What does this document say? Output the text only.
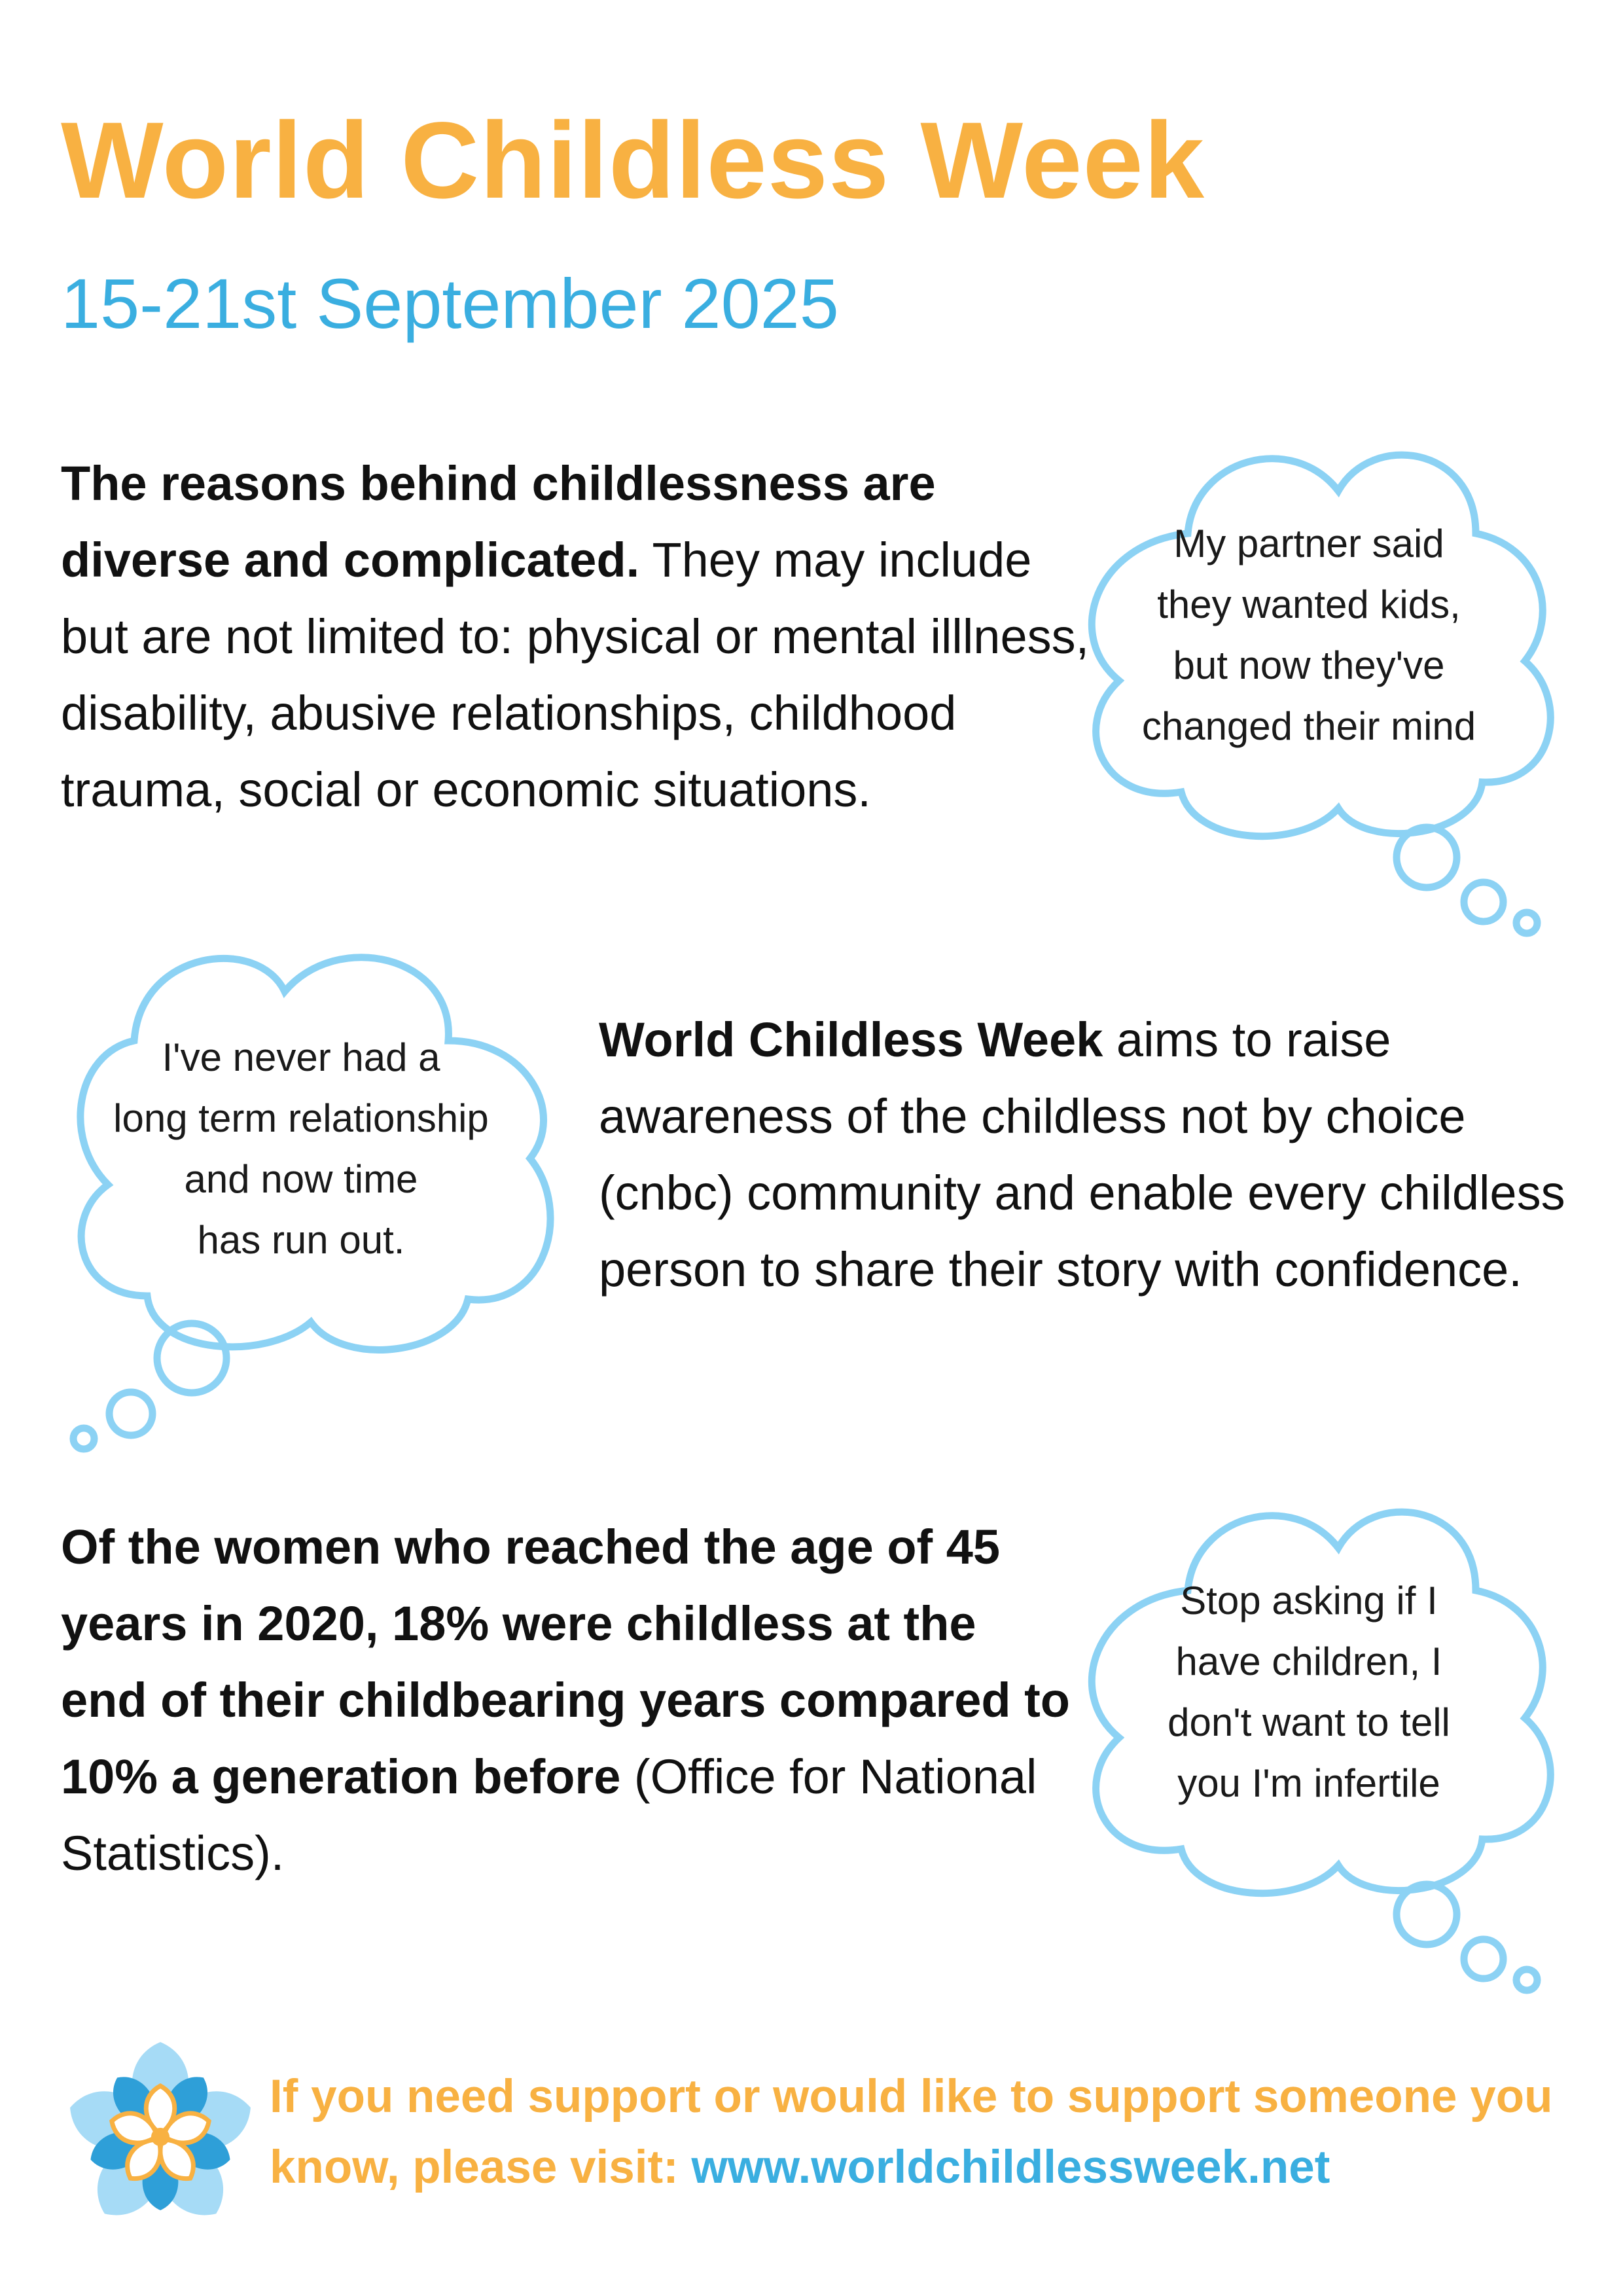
World Childless Week
15-21st September 2025
The reasons behind childlessness are diverse and complicated. They may include but are not limited to: physical or mental illlness, disability, abusive relationships, childhood trauma, social or economic situations.
My partner said
they wanted kids,
but now they've
changed their mind
I've never had a
long term relationship
and now time
has run out.
World Childless Week aims to raise awareness of the childless not by choice (cnbc) community and enable every childless person to share their story with confidence.
Of the women who reached the age of 45 years in 2020, 18% were childless at the end of their childbearing years compared to 10% a generation before (Office for National Statistics).
Stop asking if I
have children, I
don't want to tell
you I'm infertile
If you need support or would like to support someone you know, please visit: www.worldchildlessweek.net
